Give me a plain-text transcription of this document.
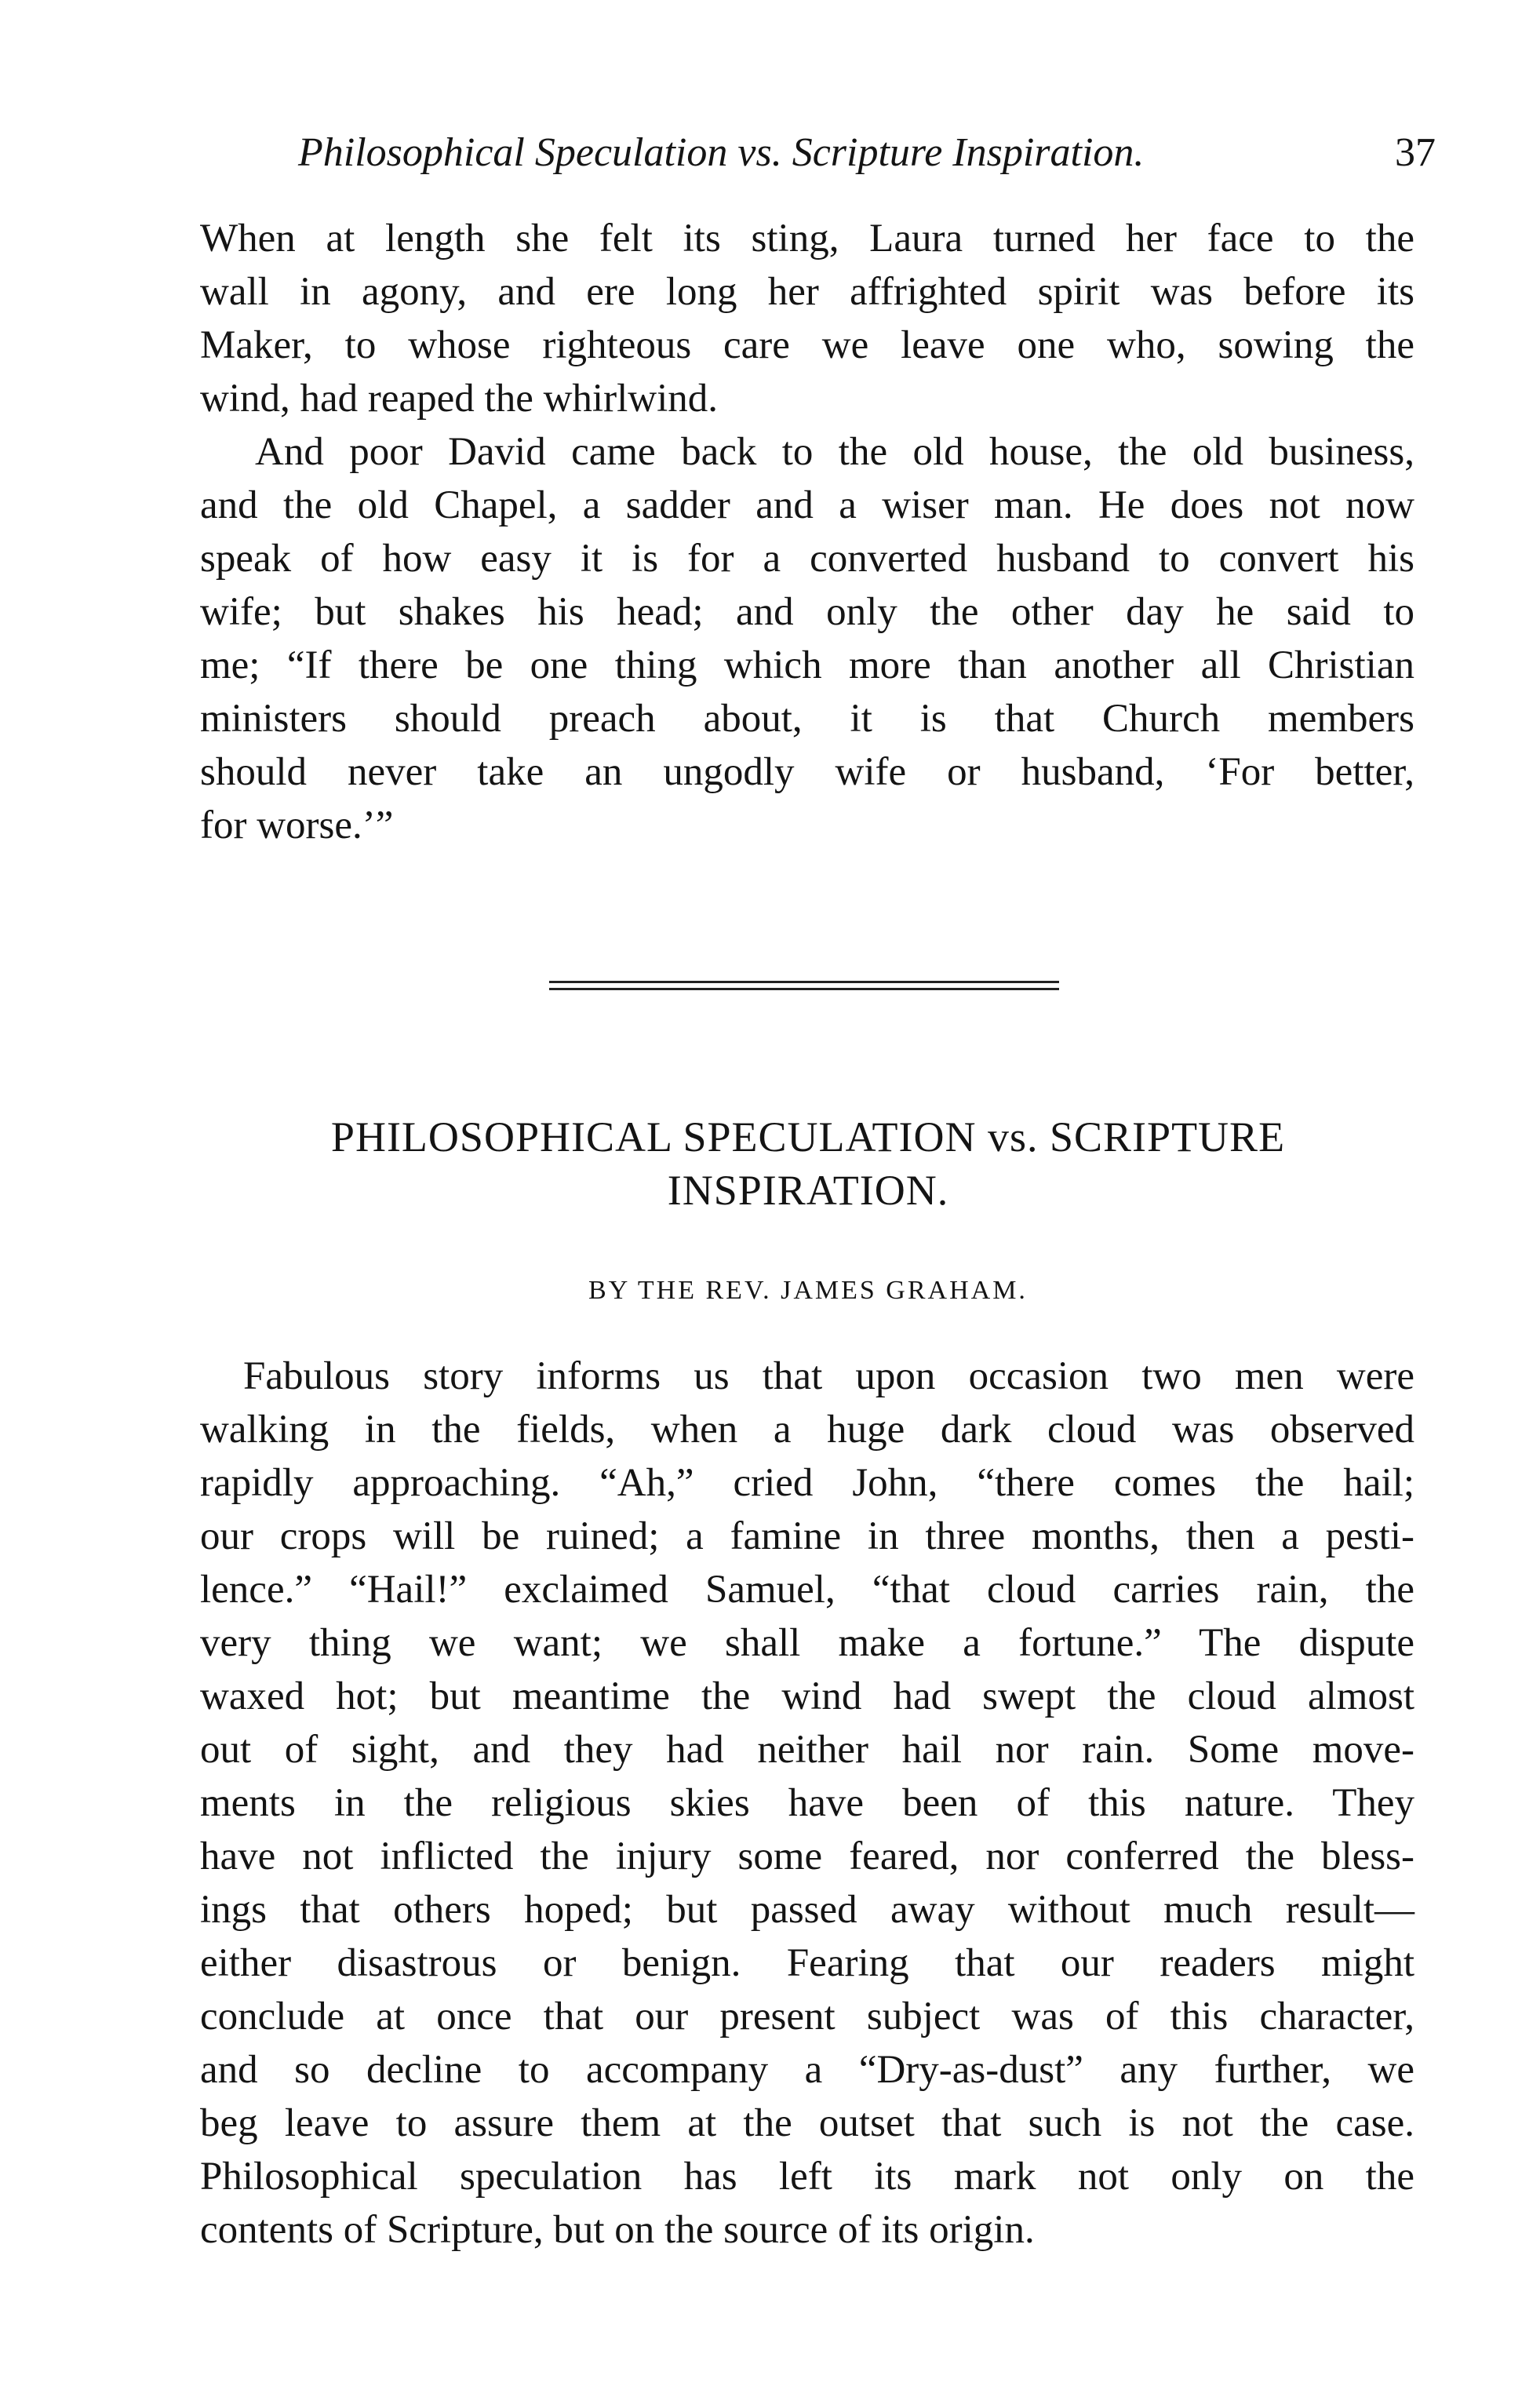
Philosophical Speculation vs. Scripture Inspiration.	37
When at length she felt its sting, Laura turned her face to the
wall in agony, and ere long her affrighted spirit was before its
Maker, to whose righteous care we leave one who, sowing the
wind, had reaped the whirlwind.
And poor David came back to the old house, the old business,
and the old Chapel, a sadder and a wiser man. He does not now
speak of how easy it is for a converted husband to convert his
wife; but shakes his head; and only the other day he said to
me; “If there be one thing which more than another all Christian
ministers should preach about, it is that Church members
should never take an ungodly wife or husband, ‘For better,
for worse.’”
PHILOSOPHICAL SPECULATION vs. SCRIPTURE
INSPIRATION.
BY THE REV. JAMES GRAHAM.
Fabulous story informs us that upon occasion two men were
walking in the fields, when a huge dark cloud was observed
rapidly approaching. “Ah,” cried John, “there comes the hail;
our crops will be ruined; a famine in three months, then a pesti-
lence.” “Hail!” exclaimed Samuel, “that cloud carries rain, the
very thing we want; we shall make a fortune.” The dispute
waxed hot; but meantime the wind had swept the cloud almost
out of sight, and they had neither hail nor rain. Some move-
ments in the religious skies have been of this nature. They
have not inflicted the injury some feared, nor conferred the bless-
ings that others hoped; but passed away without much result—
either disastrous or benign. Fearing that our readers might
conclude at once that our present subject was of this character,
and so decline to accompany a “Dry-as-dust” any further, we
beg leave to assure them at the outset that such is not the case.
Philosophical speculation has left its mark not only on the
contents of Scripture, but on the source of its origin.
